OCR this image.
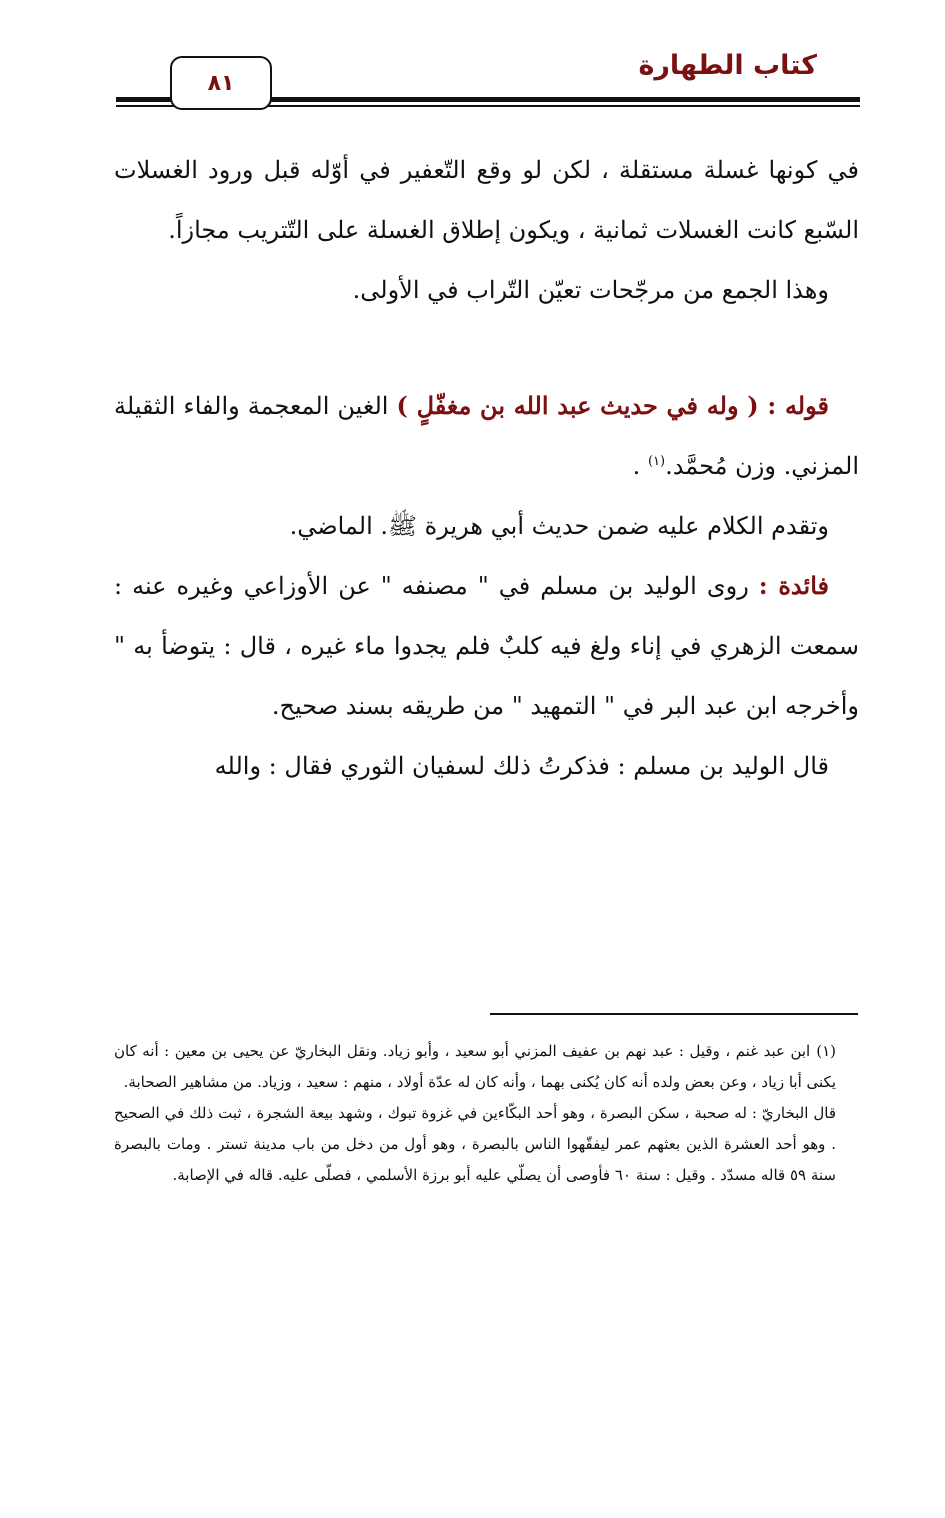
كتاب الطهارة
٨١

في كونها غسلة مستقلة ، لكن لو وقع التّعفير في أوّله قبل ورود الغسلات السّبع كانت الغسلات ثمانية ، ويكون إطلاق الغسلة على التّتريب مجازاً.

وهذا الجمع من مرجّحات تعيّن التّراب في الأولى.

قوله : ( وله في حديث عبد الله بن مغفّلٍ ) الغين المعجمة والفاء الثقيلة المزني. وزن مُحمَّد.$^{(١)}$ .

وتقدم الكلام عليه ضمن حديث أبي هريرة ﷺ. الماضي.

فائدة : روى الوليد بن مسلم في " مصنفه " عن الأوزاعي وغيره عنه : سمعت الزهري في إناء ولغ فيه كلبٌ فلم يجدوا ماء غيره ، قال : يتوضأ به " وأخرجه ابن عبد البر في " التمهيد " من طريقه بسند صحيح.

قال الوليد بن مسلم : فذكرتُ ذلك لسفيان الثوري فقال : والله

(١)ابن عبد غنم ، وقيل : عبد نهم بن عفيف المزني أبو سعيد ، وأبو زياد. ونقل البخاريّ عن يحيى بن معين : أنه كان يكنى أبا زياد ، وعن بعض ولده أنه كان يُكنى بهما ، وأنه كان له عدّة أولاد ، منهم : سعيد ، وزياد. من مشاهير الصحابة.

قال البخاريّ : له صحبة ، سكن البصرة ، وهو أحد البكّاءين في غزوة تبوك ، وشهد بيعة الشجرة ، ثبت ذلك في الصحيح . وهو أحد العشرة الذين بعثهم عمر ليفقّهوا الناس بالبصرة ، وهو أول من دخل من باب مدينة تستر . ومات بالبصرة سنة ٥٩ قاله مسدّد . وقيل : سنة ٦٠ فأوصى أن يصلّي عليه أبو برزة الأسلمي ، فصلّى عليه. قاله في الإصابة.
